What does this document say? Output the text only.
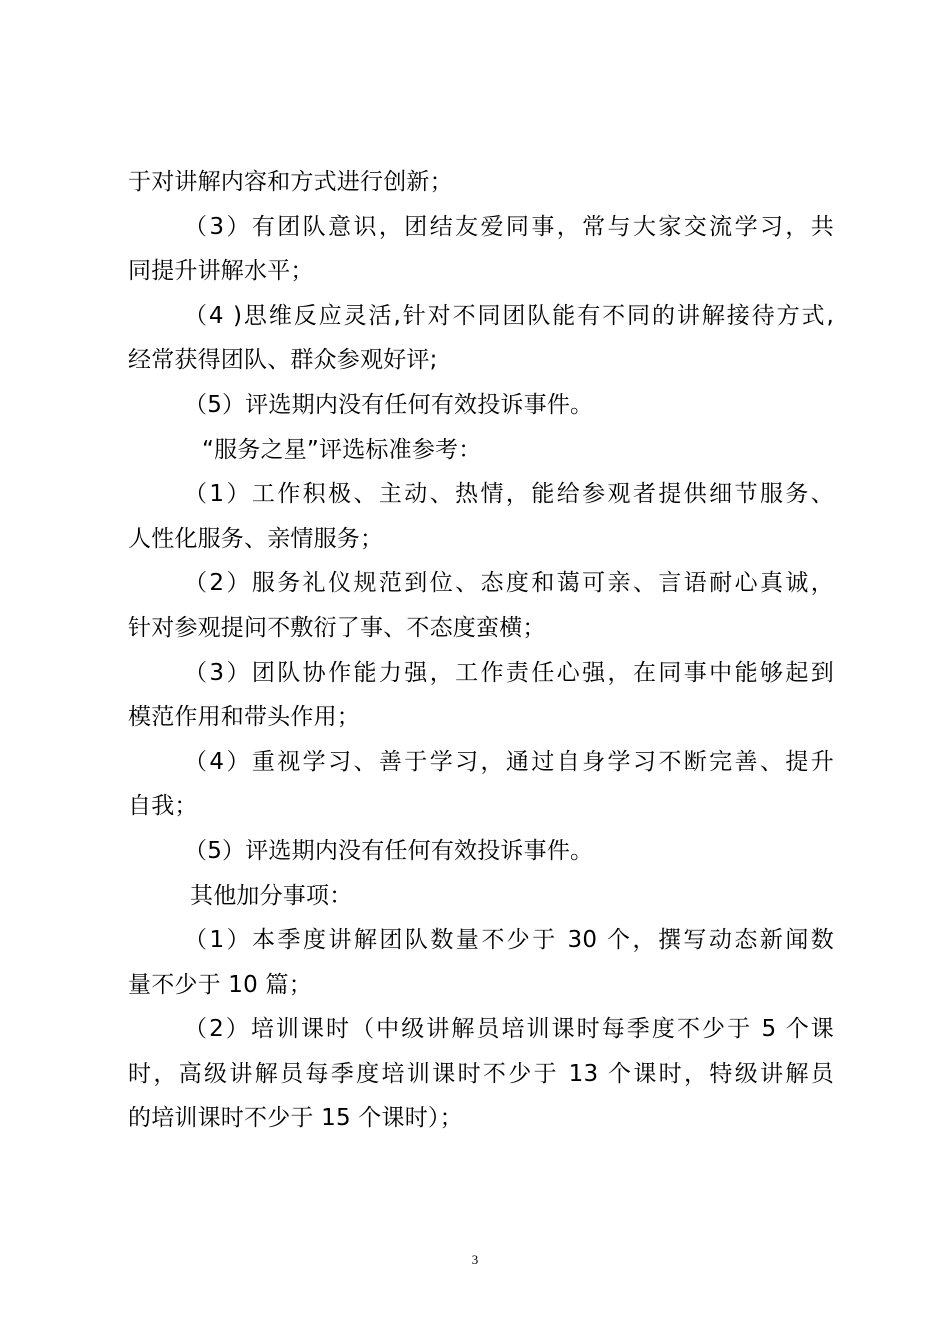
于对讲解内容和方式进行创新；
（3）有团队意识，团结友爱同事，常与大家交流学习，共
同提升讲解水平；
（4 )思维反应灵活,针对不同团队能有不同的讲解接待方式,
经常获得团队、群众参观好评;
（5）评选期内没有任何有效投诉事件。
“服务之星”评选标准参考：
（1）工作积极、主动、热情，能给参观者提供细节服务、
人性化服务、亲情服务；
（2）服务礼仪规范到位、态度和蔼可亲、言语耐心真诚，
针对参观提问不敷衍了事、不态度蛮横；
（3）团队协作能力强，工作责任心强，在同事中能够起到
模范作用和带头作用；
（4）重视学习、善于学习，通过自身学习不断完善、提升
自我；
（5）评选期内没有任何有效投诉事件。
其他加分事项：
（1）本季度讲解团队数量不少于 30 个，撰写动态新闻数
量不少于 10 篇；
（2）培训课时（中级讲解员培训课时每季度不少于 5 个课
时，高级讲解员每季度培训课时不少于 13 个课时，特级讲解员
的培训课时不少于 15 个课时）；
3
